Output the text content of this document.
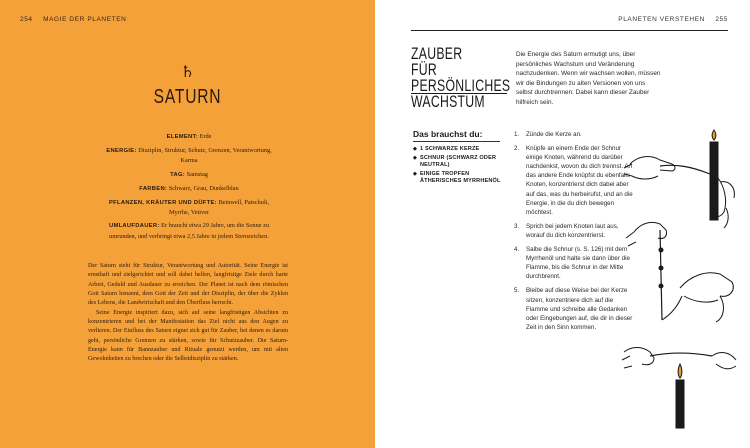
254 MAGIE DER PLANETEN
♄
SATURN
ELEMENT: Erde
ENERGIE: Disziplin, Struktur, Schutz, Grenzen, Verantwortung, Karma
TAG: Samstag
FARBEN: Schwarz, Grau, Dunkelblau
PFLANZEN, KRÄUTER UND DÜFTE: Beinwell, Patschuli, Myrrhe, Vetiver
UMLAUFDAUER: Er braucht etwa 29 Jahre, um die Sonne zu umrunden, und verbringt etwa 2,5 Jahre in jedem Sternzeichen.

Der Saturn steht für Struktur, Verantwortung und Autorität. Seine Energie ist ernsthaft und zielgerichtet und soll dabei helfen, langfristige Ziele durch harte Arbeit, Geduld und Ausdauer zu erreichen. Der Planet ist nach dem römischen Gott Saturn benannt, dem Gott der Zeit und der Disziplin, der über die Zyklen des Lebens, die Landwirtschaft und den Überfluss herrscht.

Seine Energie inspiriert dazu, sich auf seine langfristigen Absichten zu konzentrieren und bei der Manifestation das Ziel nicht aus den Augen zu verlieren. Der Einfluss des Saturn eignet sich gut für Zauber, bei denen es darum geht, persönliche Grenzen zu stärken, sowie für Schutzzauber. Die Saturn-Energie kann für Bannzauber und Rituale genutzt werden, um mit alten Gewohnheiten zu brechen oder die Selbstdisziplin zu stärken.

PLANETEN VERSTEHEN 255
ZAUBER FÜR
PERSÖNLICHES
WACHSTUM
Die Energie des Saturn ermutigt uns, über persönliches Wachstum und Veränderung nachzudenken. Wenn wir wachsen wollen, müssen wir die Bindungen zu alten Versionen von uns selbst durchtrennen. Dabei kann dieser Zauber hilfreich sein.
Das brauchst du:
◆ 1 SCHWARZE KERZE
◆ SCHNUR (SCHWARZ ODER NEUTRAL)
◆ EINIGE TROPFEN ÄTHERISCHES MYRRHENÖL
1. Zünde die Kerze an.
2. Knüpfe an einem Ende der Schnur einige Knoten, während du darüber nachdenkst, wovon du dich trennst. An das andere Ende knüpfst du ebenfalls Knoten, konzentrierst dich dabei aber auf das, was du herbeirufst, und an die Energie, in die du dich bewegen möchtest.
3. Sprich bei jedem Knoten laut aus, worauf du dich konzentrierst.
4. Salbe die Schnur (s. S. 126) mit dem Myrrhenöl und halte sie dann über die Flamme, bis die Schnur in der Mitte durchbrennt.
5. Bleibe auf diese Weise bei der Kerze sitzen, konzentriere dich auf die Flamme und schreibe alle Gedanken oder Eingebungen auf, die dir in dieser Zeit in den Sinn kommen.
